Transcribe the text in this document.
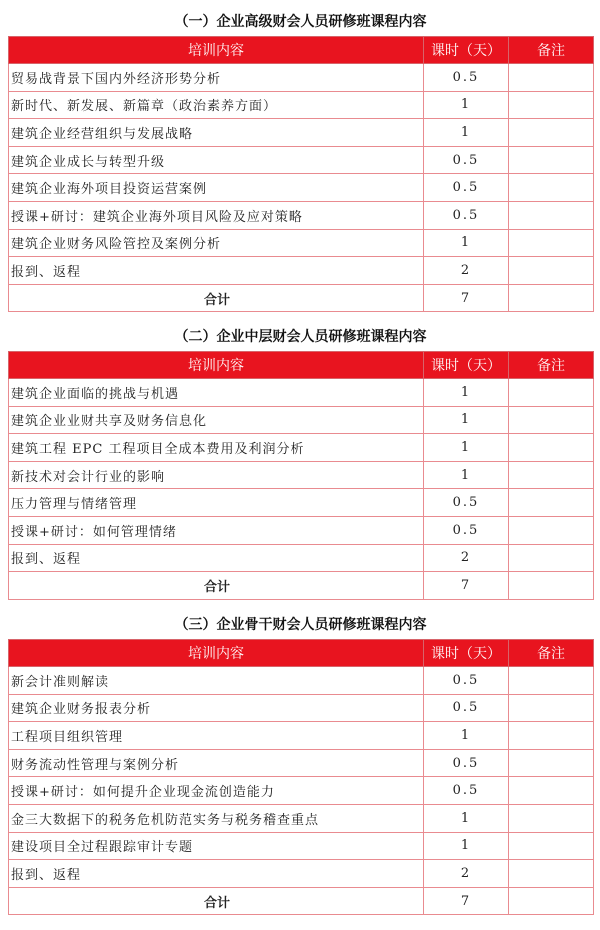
（一）企业高级财会人员研修班课程内容
培训内容	课时（天）	备注
贸易战背景下国内外经济形势分析	0.5	
新时代、新发展、新篇章（政治素养方面）	1	
建筑企业经营组织与发展战略	1	
建筑企业成长与转型升级	0.5	
建筑企业海外项目投资运营案例	0.5	
授课+研讨：建筑企业海外项目风险及应对策略	0.5	
建筑企业财务风险管控及案例分析	1	
报到、返程	2	
合计	7	
（二）企业中层财会人员研修班课程内容
培训内容	课时（天）	备注
建筑企业面临的挑战与机遇	1	
建筑企业业财共享及财务信息化	1	
建筑工程 EPC 工程项目全成本费用及利润分析	1	
新技术对会计行业的影响	1	
压力管理与情绪管理	0.5	
授课+研讨：如何管理情绪	0.5	
报到、返程	2	
合计	7	
（三）企业骨干财会人员研修班课程内容
培训内容	课时（天）	备注
新会计准则解读	0.5	
建筑企业财务报表分析	0.5	
工程项目组织管理	1	
财务流动性管理与案例分析	0.5	
授课+研讨：如何提升企业现金流创造能力	0.5	
金三大数据下的税务危机防范实务与税务稽查重点	1	
建设项目全过程跟踪审计专题	1	
报到、返程	2	
合计	7	
